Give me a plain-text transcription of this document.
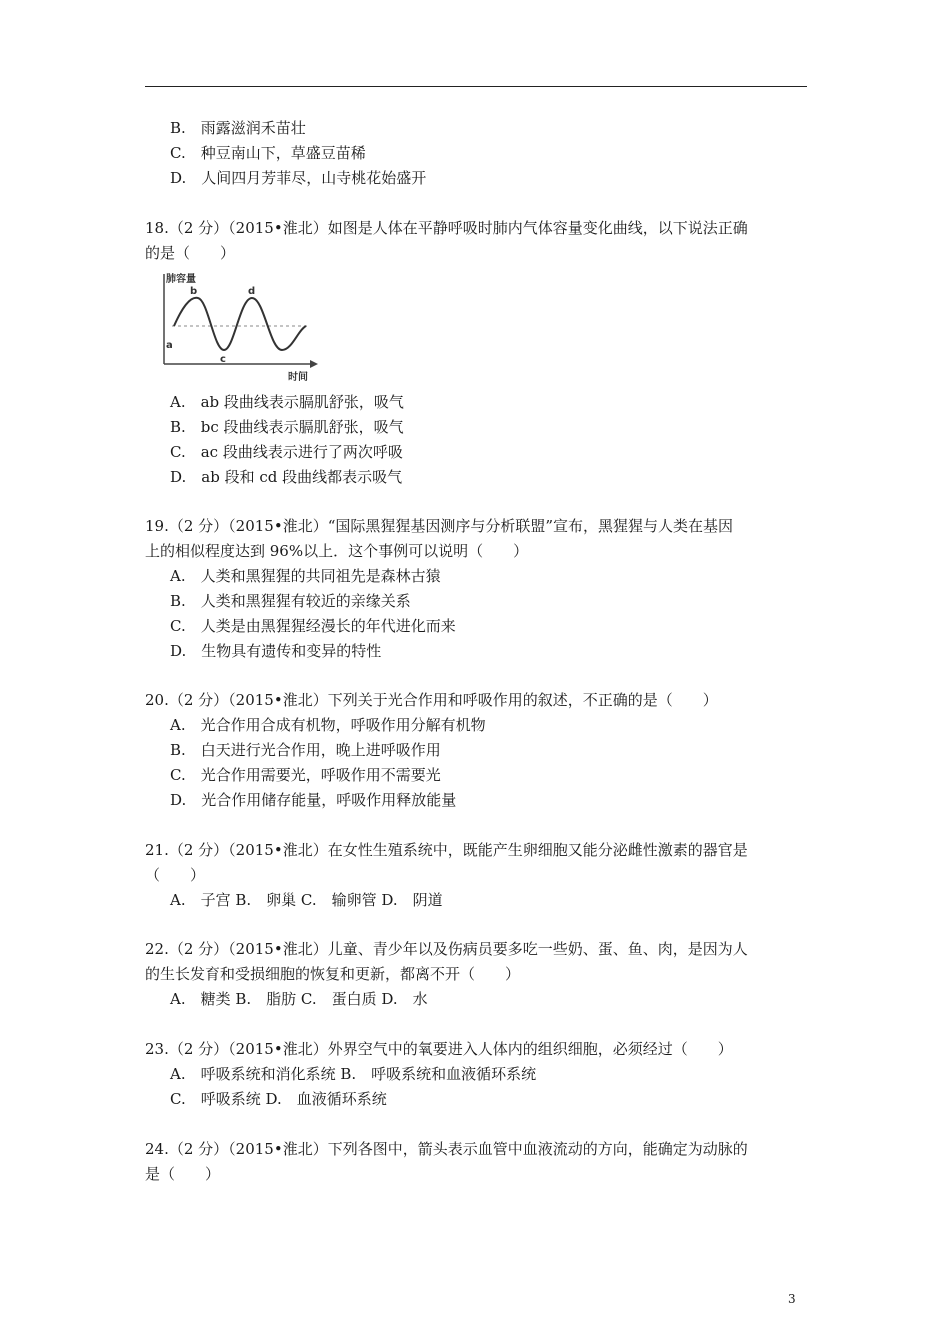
B.　雨露滋润禾苗壮
C.　种豆南山下，草盛豆苗稀
D.　人间四月芳菲尽，山寺桃花始盛开
18.（2 分）（2015•淮北）如图是人体在平静呼吸时肺内气体容量变化曲线，以下说法正确
的是（　　）
肺容量
时间
a
b
c
d
A.　ab 段曲线表示膈肌舒张，吸气
B.　bc 段曲线表示膈肌舒张，吸气
C.　ac 段曲线表示进行了两次呼吸
D.　ab 段和 cd 段曲线都表示吸气
19.（2 分）（2015•淮北）“国际黑猩猩基因测序与分析联盟”宣布，黑猩猩与人类在基因
上的相似程度达到 96%以上．这个事例可以说明（　　）
A.　人类和黑猩猩的共同祖先是森林古猿
B.　人类和黑猩猩有较近的亲缘关系
C.　人类是由黑猩猩经漫长的年代进化而来
D.　生物具有遗传和变异的特性
20.（2 分）（2015•淮北）下列关于光合作用和呼吸作用的叙述，不正确的是（　　）
A.　光合作用合成有机物，呼吸作用分解有机物
B.　白天进行光合作用，晚上进呼吸作用
C.　光合作用需要光，呼吸作用不需要光
D.　光合作用储存能量，呼吸作用释放能量
21.（2 分）（2015•淮北）在女性生殖系统中，既能产生卵细胞又能分泌雌性激素的器官是
（　　）
A.　子宫 B.　卵巢 C.　输卵管 D.　阴道
22.（2 分）（2015•淮北）儿童、青少年以及伤病员要多吃一些奶、蛋、鱼、肉，是因为人
的生长发育和受损细胞的恢复和更新，都离不开（　　）
A.　糖类 B.　脂肪 C.　蛋白质 D.　水
23.（2 分）（2015•淮北）外界空气中的氧要进入人体内的组织细胞，必须经过（　　）
A.　呼吸系统和消化系统 B.　呼吸系统和血液循环系统
C.　呼吸系统 D.　血液循环系统
24.（2 分）（2015•淮北）下列各图中，箭头表示血管中血液流动的方向，能确定为动脉的
是（　　）
3
